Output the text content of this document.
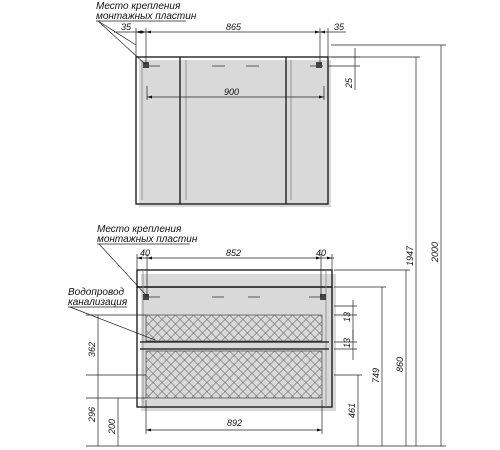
35	865	35
900
25
Место крепления
монтажных пластин
40	852	40
Место крепления
монтажных пластин
Водопровод
канализация
892
13
13
362
296
200
461
749
860
1947 2000
